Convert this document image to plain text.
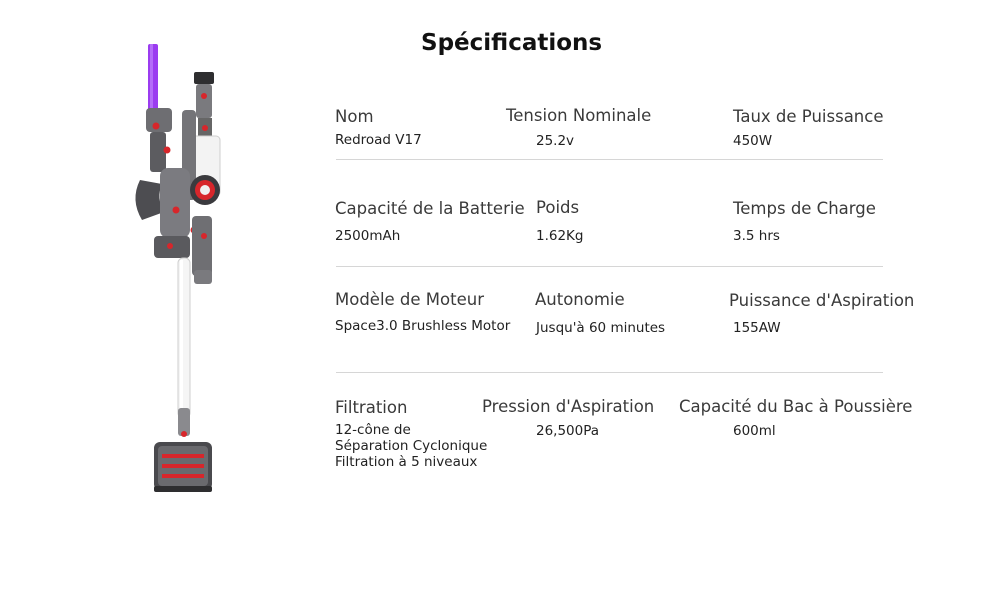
Spécifications
Nom
Redroad V17
Tension Nominale
25.2v
Taux de Puissance
450W
Capacité de la Batterie
2500mAh
Poids
1.62Kg
Temps de Charge
3.5 hrs
Modèle de Moteur
Space3.0 Brushless Motor
Autonomie
Jusqu'à 60 minutes
Puissance d'Aspiration
155AW
Filtration
12-cône de
Séparation Cyclonique
Filtration à 5 niveaux
Pression d'Aspiration
26,500Pa
Capacité du Bac à Poussière
600ml
